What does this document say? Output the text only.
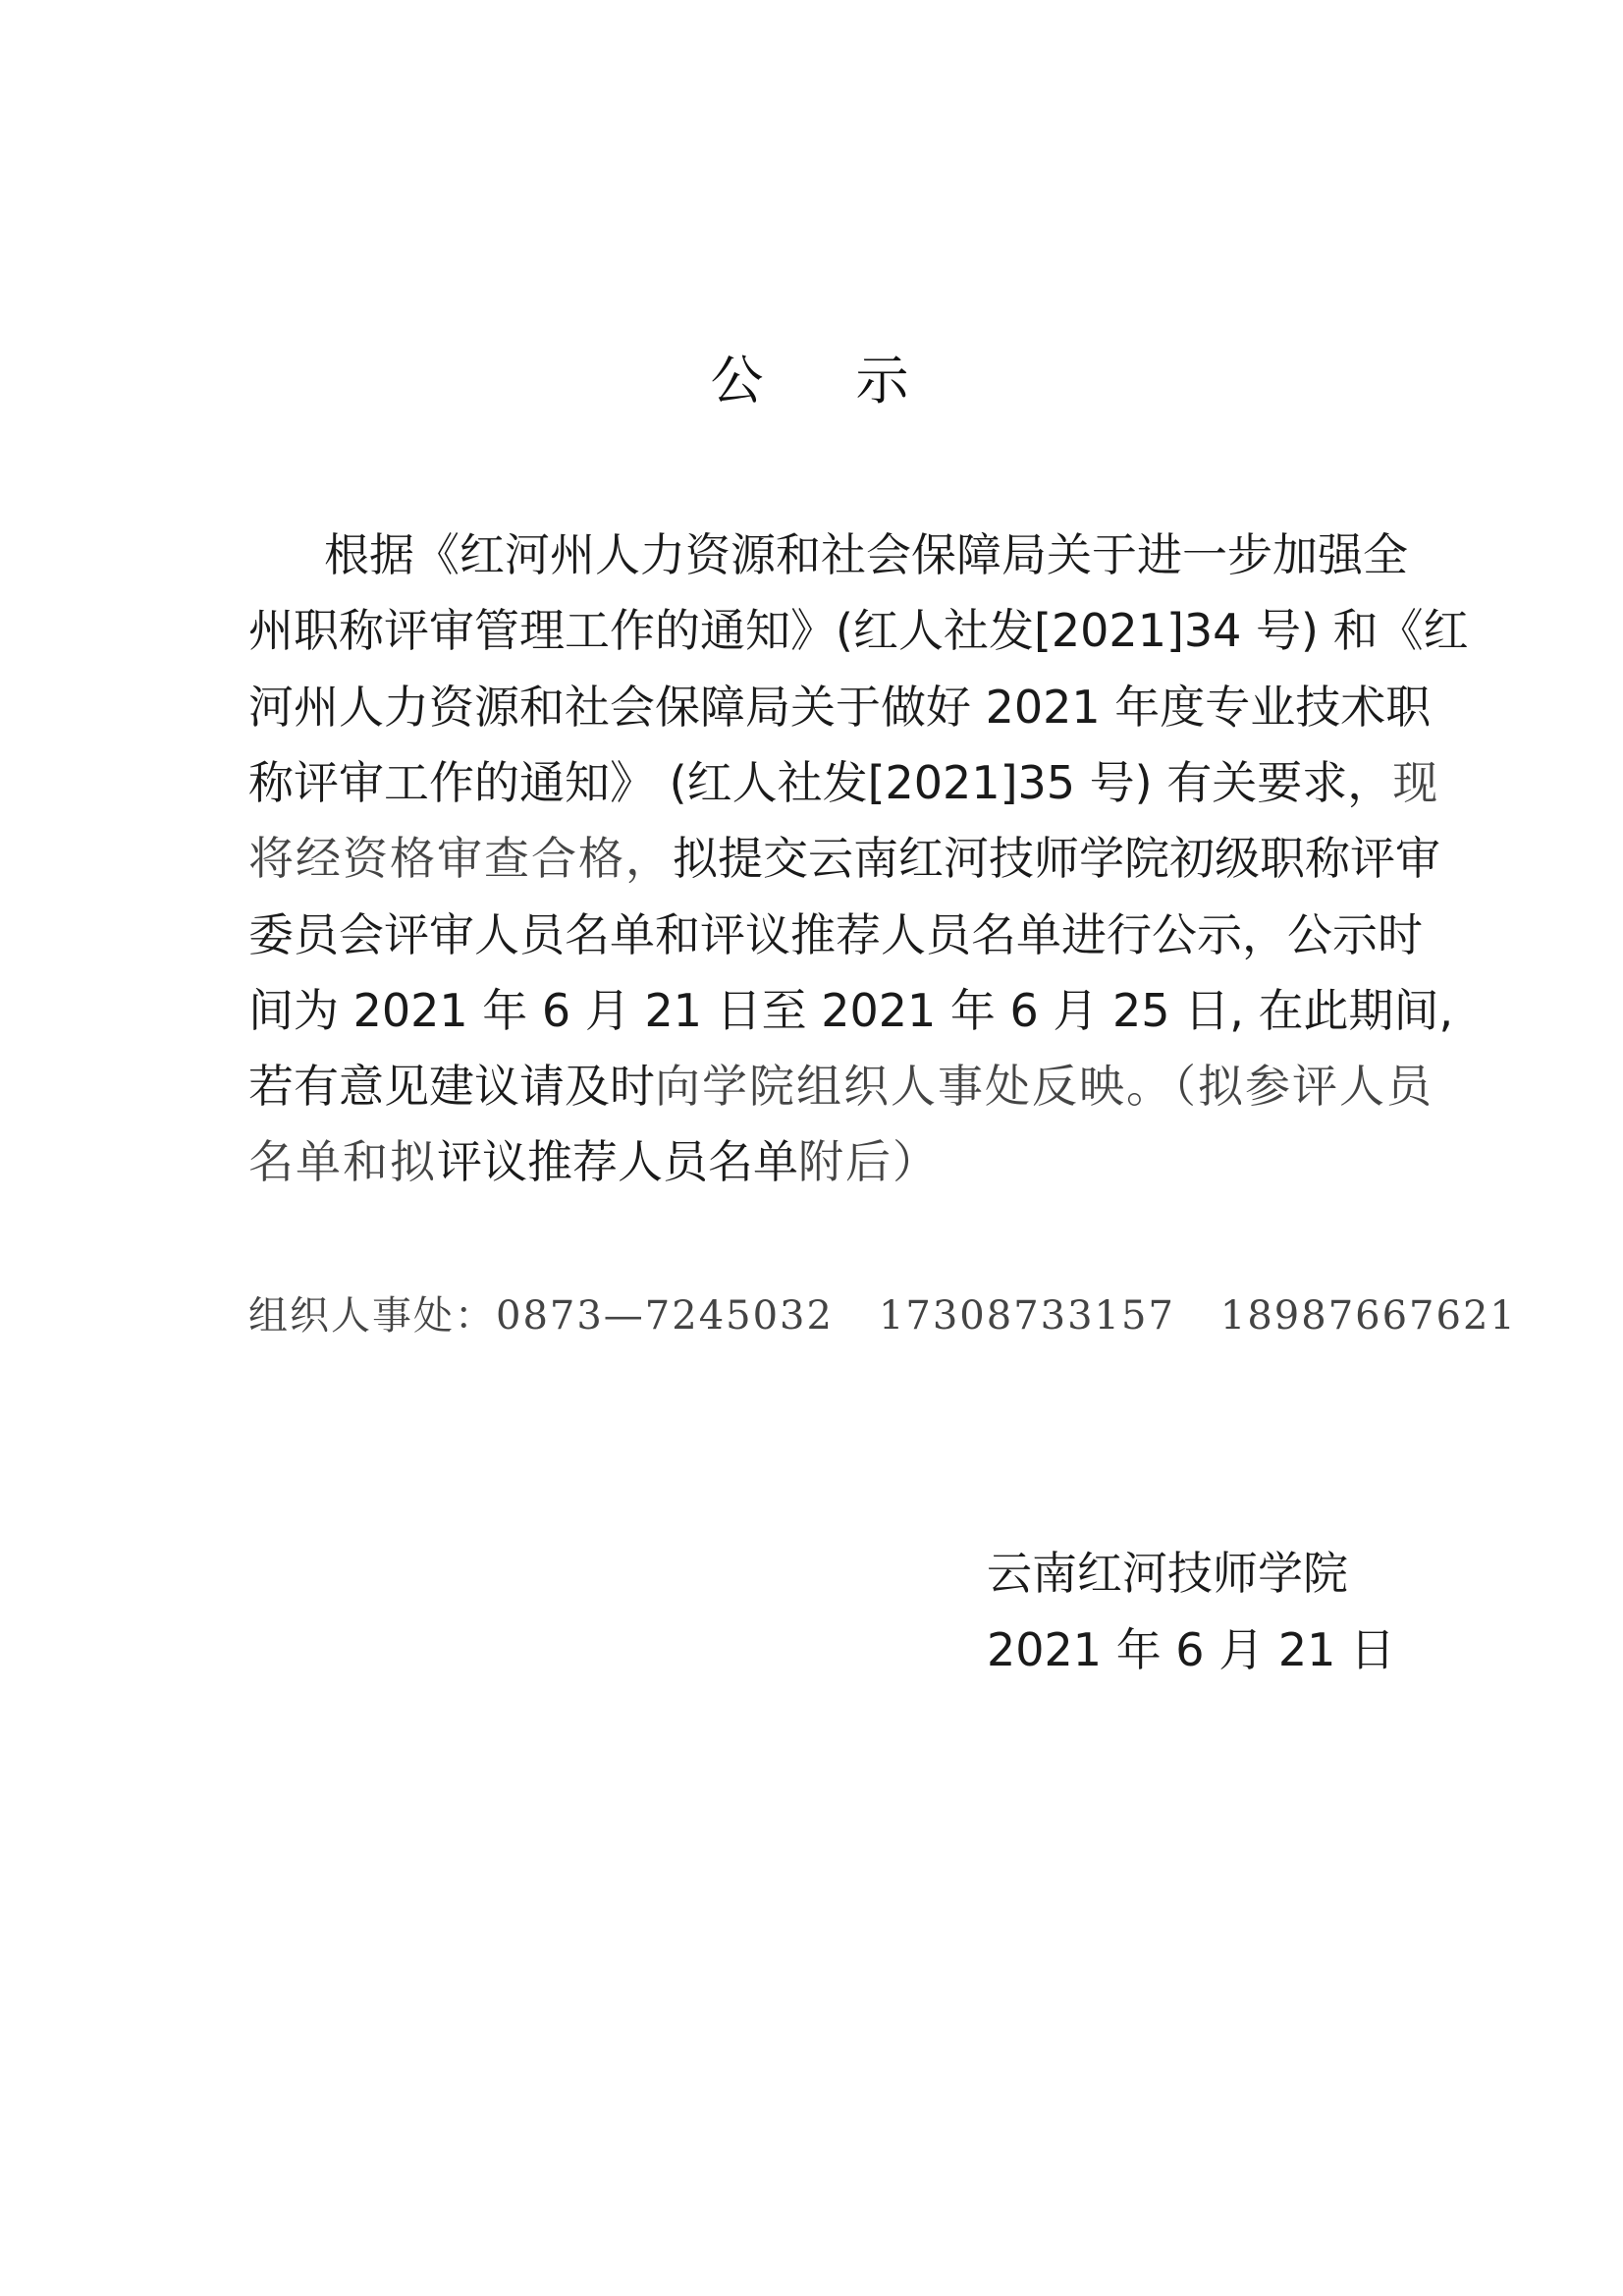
公 示
根据《红河州人力资源和社会保障局关于进一步加强全
州职称评审管理工作的通知》(红人社发[2021]34 号) 和《红
河州人力资源和社会保障局关于做好 2021 年度专业技术职
称评审工作的通知》 (红人社发[2021]35 号) 有关要求，现
将经资格审查合格，拟提交云南红河技师学院初级职称评审
委员会评审人员名单和评议推荐人员名单进行公示，公示时
间为 2021 年 6 月 21 日至 2021 年 6 月 25 日, 在此期间,
若有意见建议请及时向学院组织人事处反映。（拟参评人员
名单和拟评议推荐人员名单附后）
组织人事处：0873—7245032 17308733157 18987667621
云南红河技师学院
2021 年 6 月 21 日
